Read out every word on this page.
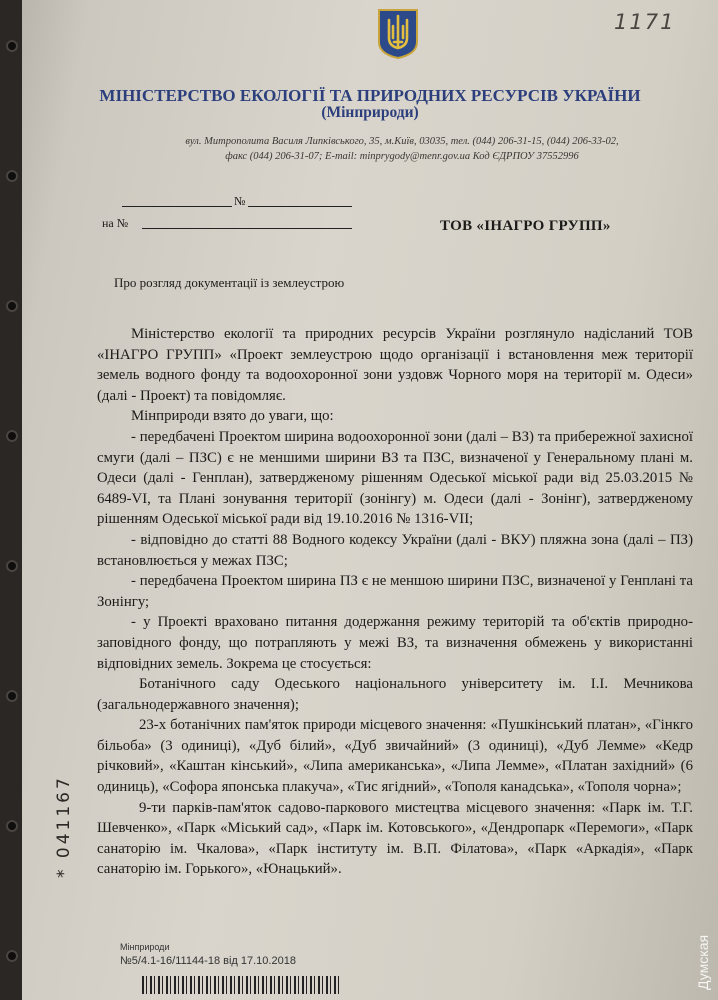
1171
МІНІСТЕРСТВО ЕКОЛОГІЇ ТА ПРИРОДНИХ РЕСУРСІВ УКРАЇНИ
(Мінприроди)
вул. Митрополита Василя Липківського, 35, м.Київ, 03035, тел. (044) 206-31-15, (044) 206-33-02,
факс (044) 206-31-07; E-mail: minprygody@menr.gov.ua Код ЄДРПОУ 37552996
№
на №	ТОВ «ІНАГРО ГРУПП»
Про розгляд документації із землеустрою

Міністерство екології та природних ресурсів України розглянуло надісланий ТОВ «ІНАГРО ГРУПП» «Проект землеустрою щодо організації і встановлення меж території земель водного фонду та водоохоронної зони уздовж Чорного моря на території м. Одеси» (далі - Проект) та повідомляє.

Мінприроди взято до уваги, що:

- передбачені Проектом ширина водоохоронної зони (далі – ВЗ) та прибережної захисної смуги (далі – ПЗС) є не меншими ширини ВЗ та ПЗС, визначеної у Генеральному плані м. Одеси (далі - Генплан), затвердженому рішенням Одеської міської ради від 25.03.2015 № 6489-VI, та Плані зонування території (зонінгу) м. Одеси (далі - Зонінг), затвердженому рішенням Одеської міської ради від 19.10.2016 № 1316-VII;

- відповідно до статті 88 Водного кодексу України (далі - ВКУ) пляжна зона (далі – ПЗ) встановлюється у межах ПЗС;

- передбачена Проектом ширина ПЗ є не меншою ширини ПЗС, визначеної у Генплані та Зонінгу;

- у Проекті враховано питання додержання режиму територій та об'єктів природно-заповідного фонду, що потрапляють у межі ВЗ, та визначення обмежень у використанні відповідних земель. Зокрема це стосується:

Ботанічного саду Одеського національного університету ім. І.І. Мечникова (загальнодержавного значення);

23-х ботанічних пам'яток природи місцевого значення: «Пушкінський платан», «Гінкго більоба» (3 одиниці), «Дуб білий», «Дуб звичайний» (3 одиниці), «Дуб Лемме» «Кедр річковий», «Каштан кінський», «Липа американська», «Липа Лемме», «Платан західний» (6 одиниць), «Софора японська плакуча», «Тис ягідний», «Тополя канадська», «Тополя чорна»;

9-ти парків-пам'яток садово-паркового мистецтва місцевого значення: «Парк ім. Т.Г. Шевченко», «Парк «Міський сад», «Парк ім. Котовського», «Дендропарк «Перемоги», «Парк санаторію ім. Чкалова», «Парк інституту ім. В.П. Філатова», «Парк «Аркадія», «Парк санаторію ім. Горького», «Юнацький».

* 041167
Мінприроди
№5/4.1-16/11144-18 від 17.10.2018	Думская
